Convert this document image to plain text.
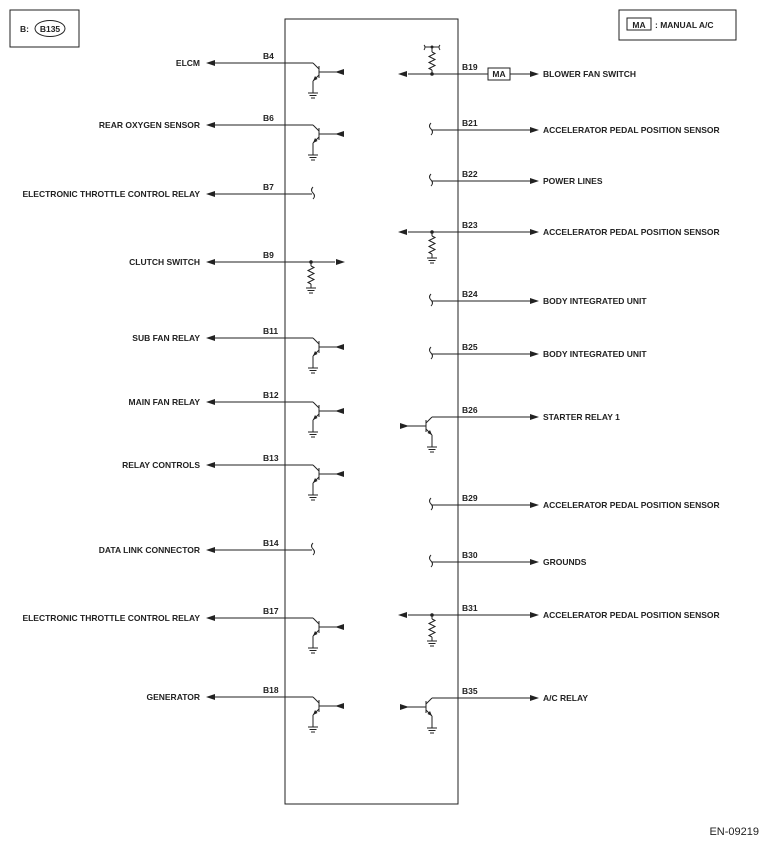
B: B135	MA : MANUAL A/C
ELCM
B4
REAR OXYGEN SENSOR
B6
ELECTRONIC THROTTLE CONTROL RELAY
B7
CLUTCH SWITCH
B9
SUB FAN RELAY
B11
MAIN FAN RELAY
B12
RELAY CONTROLS
B13
DATA LINK CONNECTOR
B14
ELECTRONIC THROTTLE CONTROL RELAY
B17
GENERATOR
B18
BLOWER FAN SWITCH
B19
MA
ACCELERATOR PEDAL POSITION SENSOR
B21
POWER LINES
B22
ACCELERATOR PEDAL POSITION SENSOR
B23
BODY INTEGRATED UNIT
B24
BODY INTEGRATED UNIT
B25
STARTER RELAY 1
B26
ACCELERATOR PEDAL POSITION SENSOR
B29
GROUNDS
B30
ACCELERATOR PEDAL POSITION SENSOR
B31
A/C RELAY
B35
EN-09219
